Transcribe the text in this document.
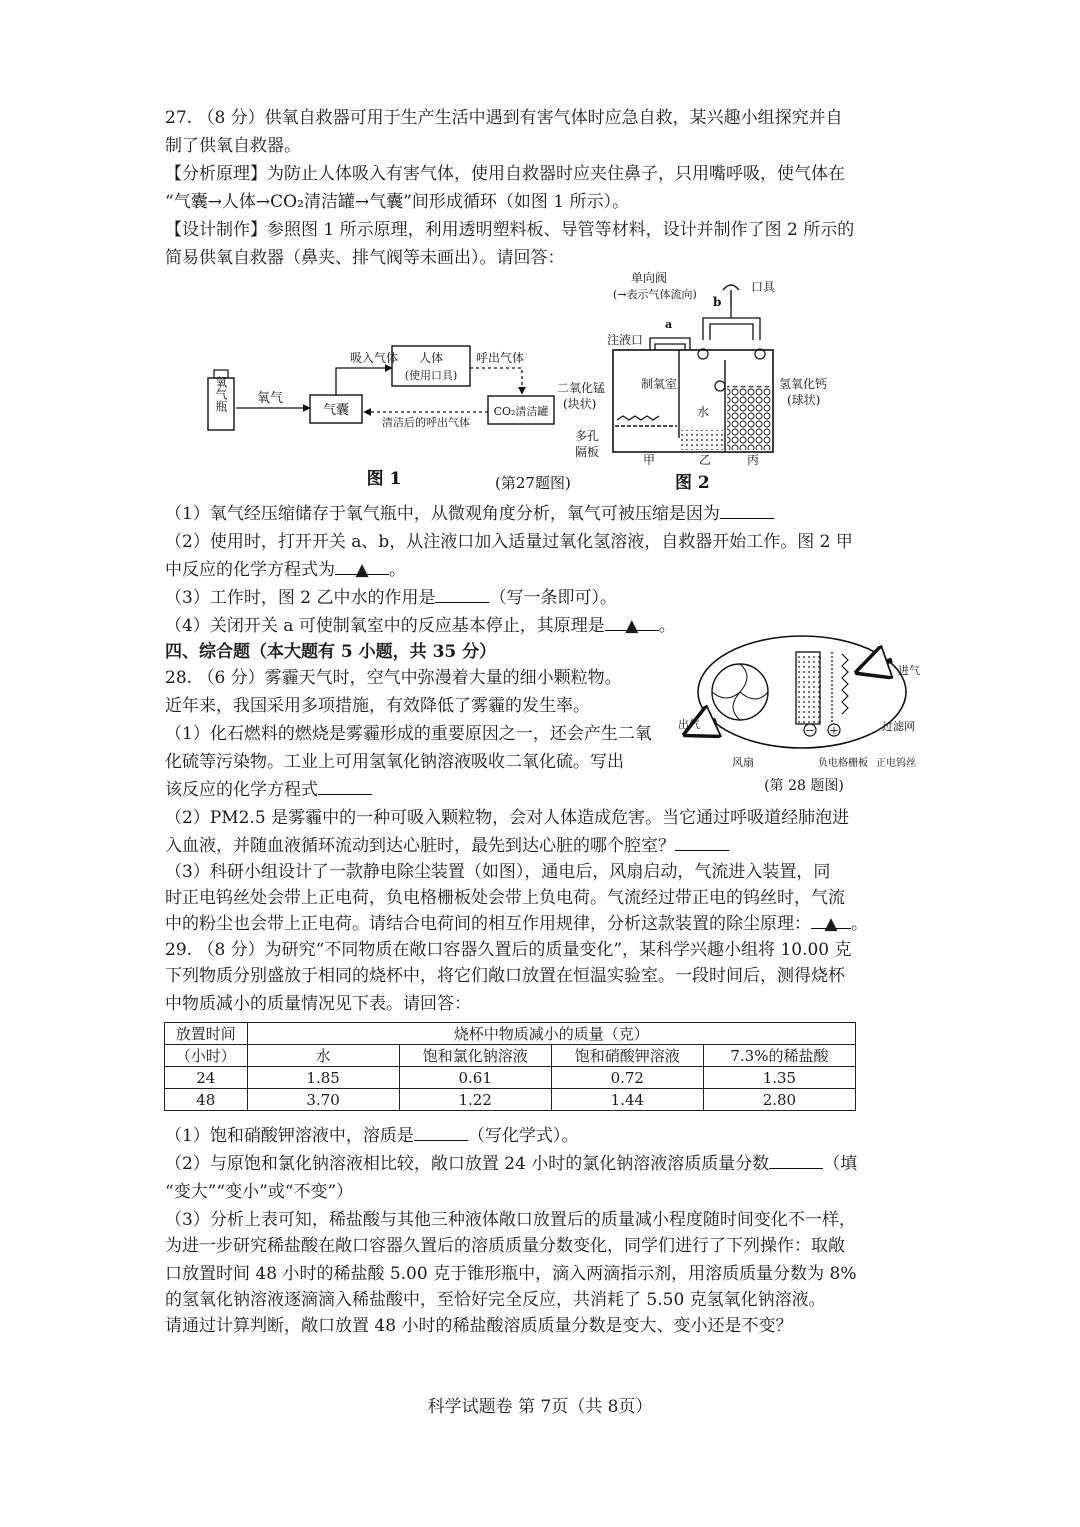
27. （8 分）供氧自救器可用于生产生活中遇到有害气体时应急自救，某兴趣小组探究并自
制了供氧自救器。
【分析原理】为防止人体吸入有害气体，使用自救器时应夹住鼻子，只用嘴呼吸，使气体在
“气囊→人体→CO₂清洁罐→气囊”间形成循环（如图 1 所示）。
【设计制作】参照图 1 所示原理，利用透明塑料板、导管等材料，设计并制作了图 2 所示的
简易供氧自救器（鼻夹、排气阀等未画出）。请回答：
氧气瓶 氧气
气囊
吸入气体 人体
(使用口具)
呼出气体
CO₂清洁罐
清洁后的呼出气体
图 1
单向阀
(→表示气体流向)
口具
b
a
注液口
制氧室
水
二氧化锰
(块状)
多孔
隔板
氢氧化钙
(球状)
甲	乙	丙
(第27题图)	图 2
（1）氧气经压缩储存于氧气瓶中，从微观角度分析，氧气可被压缩是因为
（2）使用时，打开开关 a、b，从注液口加入适量过氧化氢溶液，自救器开始工作。图 2 甲
中反应的化学方程式为 ▲ 。
（3）工作时，图 2 乙中水的作用是	（写一条即可）。
（4）关闭开关 a 可使制氧室中的反应基本停止，其原理是 ▲ 。
四、综合题（本大题有 5 小题，共 35 分）
28. （6 分）雾霾天气时，空气中弥漫着大量的细小颗粒物。
近年来，我国采用多项措施，有效降低了雾霾的发生率。
（1）化石燃料的燃烧是雾霾形成的重要原因之一，还会产生二氧
化硫等污染物。工业上可用氢氧化钠溶液吸收二氧化硫。写出
该反应的化学方程式
− +
进气
出气	过滤网
风扇	负电格栅板 正电钨丝
(第 28 题图)
（2）PM2.5 是雾霾中的一种可吸入颗粒物，会对人体造成危害。当它通过呼吸道经肺泡进
入血液，并随血液循环流动到达心脏时，最先到达心脏的哪个腔室？
（3）科研小组设计了一款静电除尘装置（如图），通电后，风扇启动，气流进入装置，同
时正电钨丝处会带上正电荷，负电格栅板处会带上负电荷。气流经过带正电的钨丝时，气流
中的粉尘也会带上正电荷。请结合电荷间的相互作用规律，分析这款装置的除尘原理： ▲ 。
29. （8 分）为研究“不同物质在敞口容器久置后的质量变化”，某科学兴趣小组将 10.00 克
下列物质分别盛放于相同的烧杯中，将它们敞口放置在恒温实验室。一段时间后，测得烧杯
中物质减小的质量情况见下表。请回答：
放置时间	烧杯中物质减小的质量（克）			
（小时）	水	饱和氯化钠溶液	饱和硝酸钾溶液	7.3%的稀盐酸
24	1.85	0.61	0.72	1.35
48	3.70	1.22	1.44	2.80
（1）饱和硝酸钾溶液中，溶质是	（写化学式）。
（2）与原饱和氯化钠溶液相比较，敞口放置 24 小时的氯化钠溶液溶质质量分数	（填
“变大”“变小”或“不变”）
（3）分析上表可知，稀盐酸与其他三种液体敞口放置后的质量减小程度随时间变化不一样，
为进一步研究稀盐酸在敞口容器久置后的溶质质量分数变化，同学们进行了下列操作：取敞
口放置时间 48 小时的稀盐酸 5.00 克于锥形瓶中，滴入两滴指示剂，用溶质质量分数为 8%
的氢氧化钠溶液逐滴滴入稀盐酸中，至恰好完全反应，共消耗了 5.50 克氢氧化钠溶液。
请通过计算判断，敞口放置 48 小时的稀盐酸溶质质量分数是变大、变小还是不变？
科学试题卷 第 7页（共 8页）
